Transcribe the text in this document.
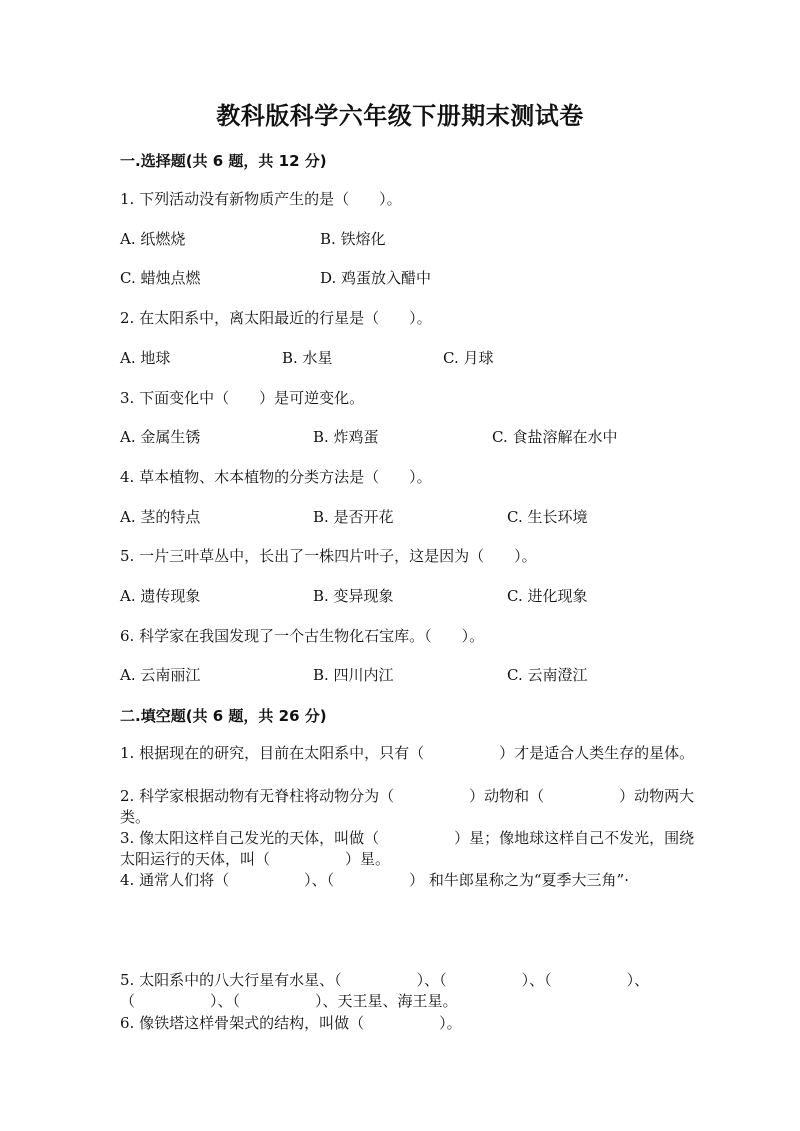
教科版科学六年级下册期末测试卷
一.选择题(共 6 题，共 12 分)
1. 下列活动没有新物质产生的是（　　）。
A. 纸燃烧	B. 铁熔化
C. 蜡烛点燃	D. 鸡蛋放入醋中
2. 在太阳系中，离太阳最近的行星是（　　）。
A. 地球	B. 水星	C. 月球
3. 下面变化中（　　）是可逆变化。
A. 金属生锈	B. 炸鸡蛋	C. 食盐溶解在水中
4. 草本植物、木本植物的分类方法是（　　）。
A. 茎的特点	B. 是否开花	C. 生长环境
5. 一片三叶草丛中，长出了一株四片叶子，这是因为（　　）。
A. 遗传现象	B. 变异现象	C. 进化现象
6. 科学家在我国发现了一个古生物化石宝库。（　　）。
A. 云南丽江	B. 四川内江	C. 云南澄江
二.填空题(共 6 题，共 26 分)
1. 根据现在的研究，目前在太阳系中，只有（　　　　　）才是适合人类生存的星体。
2. 科学家根据动物有无脊柱将动物分为（　　　　　）动物和（　　　　　）动物两大类。
3. 像太阳这样自己发光的天体，叫做（　　　　　）星；像地球这样自己不发光，围绕太阳运行的天体，叫（　　　　　）星。
4. 通常人们将（　　　　　）、（　　　　　） 和牛郎星称之为“夏季大三角”·
5. 太阳系中的八大行星有水星、（　　　　　）、（　　　　　）、（　　　　　）、（　　　　　）、（　　　　　）、天王星、海王星。
6. 像铁塔这样骨架式的结构，叫做（　　　　　）。
